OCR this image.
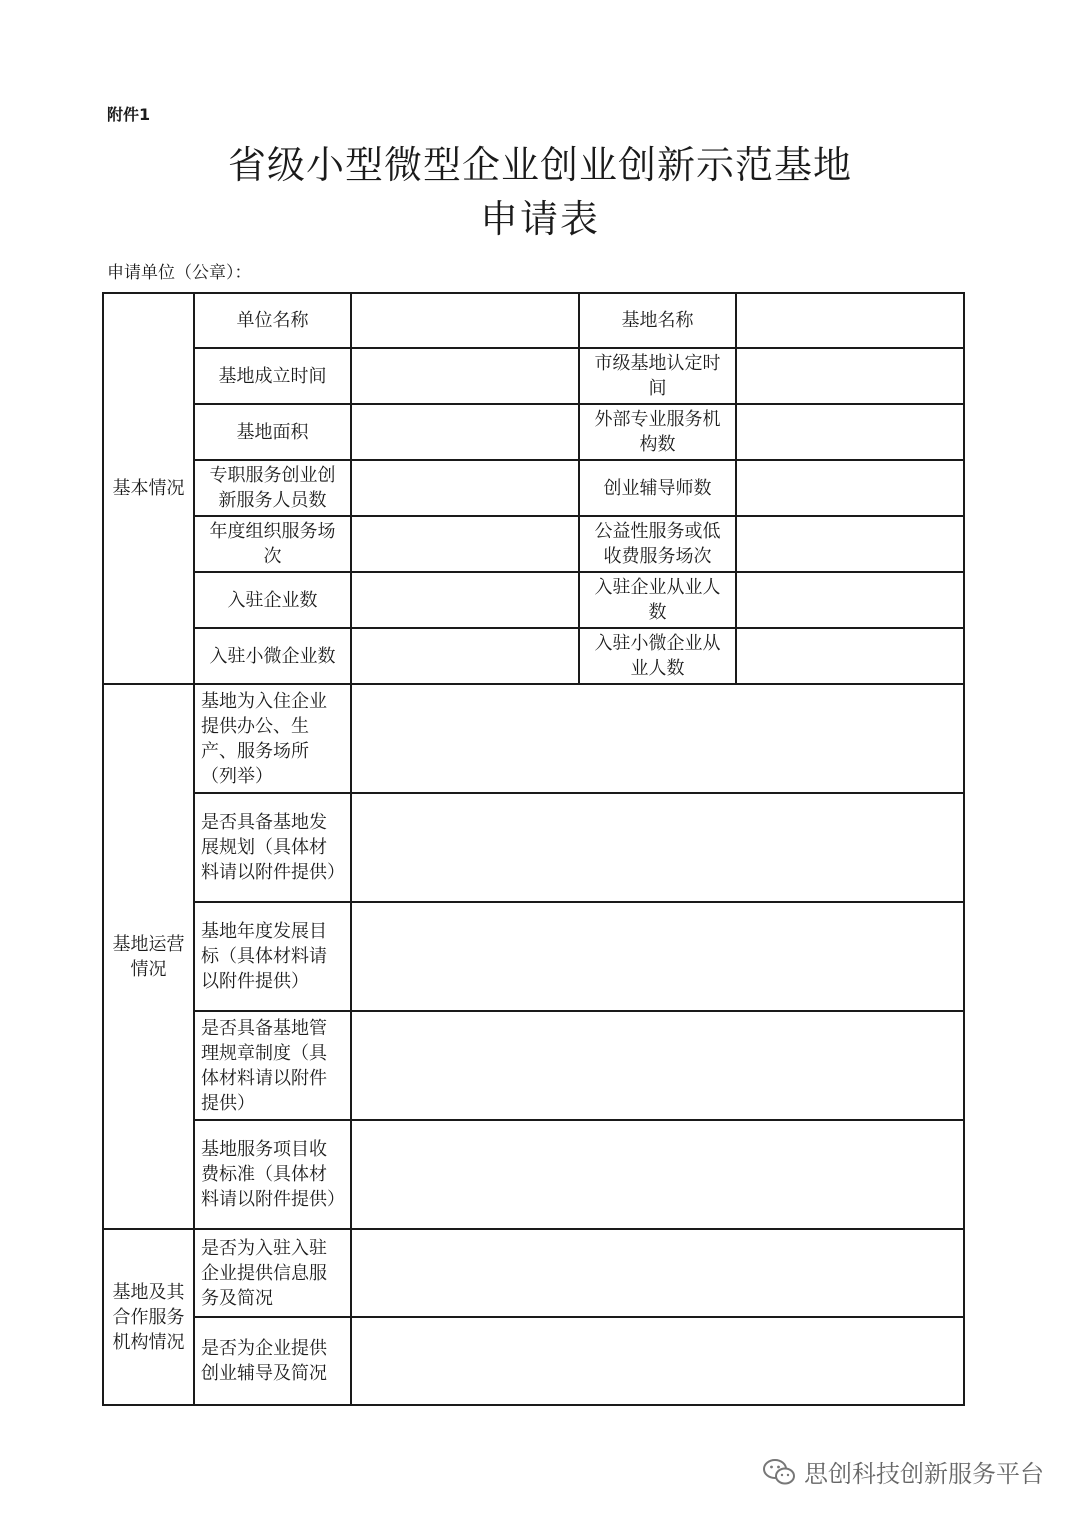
附件1
省级小型微型企业创业创新示范基地
申请表
申请单位（公章）：
基本情况	单位名称		基地名称	
	基地成立时间		市级基地认定时间	
	基地面积		外部专业服务机构数	
	专职服务创业创新服务人员数		创业辅导师数	
	年度组织服务场次		公益性服务或低收费服务场次	
	入驻企业数		入驻企业从业人数	
	入驻小微企业数		入驻小微企业从业人数	
基地运营情况	基地为入住企业提供办公、生产、服务场所（列举）			
	是否具备基地发展规划（具体材料请以附件提供）			
	基地年度发展目标（具体材料请以附件提供）			
	是否具备基地管理规章制度（具体材料请以附件提供）			
	基地服务项目收费标准（具体材料请以附件提供）			
基地及其合作服务机构情况	是否为入驻入驻企业提供信息服务及简况			
	是否为企业提供创业辅导及简况			
思创科技创新服务平台
